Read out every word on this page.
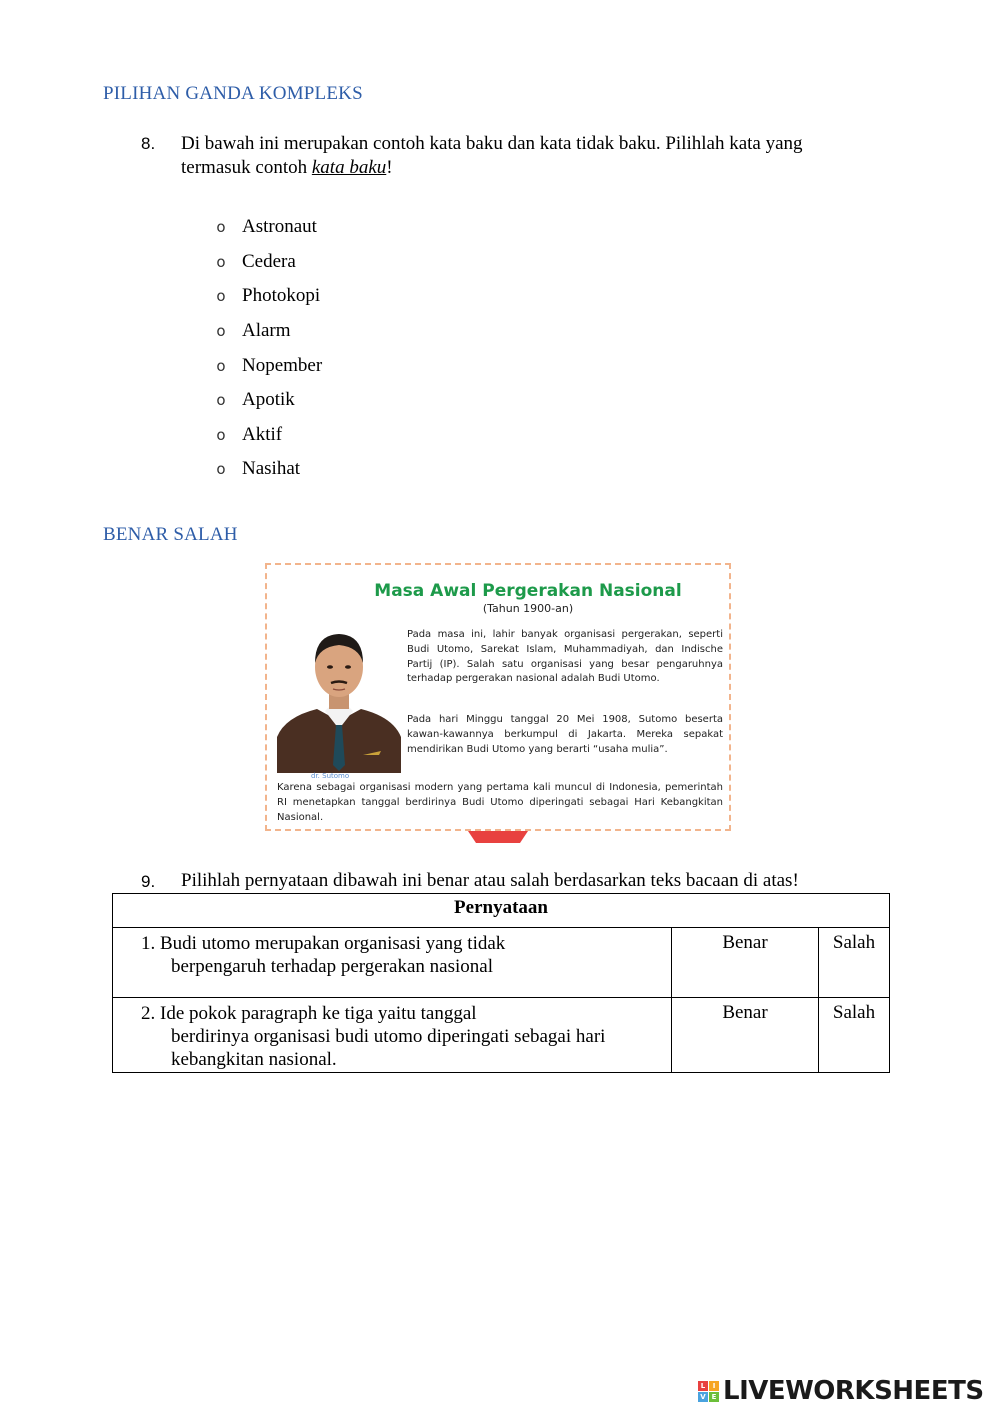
PILIHAN GANDA KOMPLEKS
8. Di bawah ini merupakan contoh kata baku dan kata tidak baku. Pilihlah kata yang termasuk contoh kata baku!
o Astronaut
o Cedera
o Photokopi
o Alarm
o Nopember
o Apotik
o Aktif
o Nasihat
BENAR SALAH
Masa Awal Pergerakan Nasional
(Tahun 1900-an)
dr. Sutomo
Pada masa ini, lahir banyak organisasi pergerakan, seperti Budi Utomo, Sarekat Islam, Muhammadiyah, dan Indische Partij (IP). Salah satu organisasi yang besar pengaruhnya terhadap pergerakan nasional adalah Budi Utomo.
Pada hari Minggu tanggal 20 Mei 1908, Sutomo beserta kawan-kawannya berkumpul di Jakarta. Mereka sepakat mendirikan Budi Utomo yang berarti “usaha mulia”.
Karena sebagai organisasi modern yang pertama kali muncul di Indonesia, pemerintah RI menetapkan tanggal berdirinya Budi Utomo diperingati sebagai Hari Kebangkitan Nasional.
9. Pilihlah pernyataan dibawah ini benar atau salah berdasarkan teks bacaan di atas!
Pernyataan		
1. Budi utomo merupakan organisasi yang tidak
berpengaruh terhadap pergerakan nasional	Benar	Salah
2. Ide pokok paragraph ke tiga yaitu tanggal
berdirinya organisasi budi utomo diperingati sebagai hari kebangkitan nasional.	Benar	Salah
L	I
V E LIVEWORKSHEETS
